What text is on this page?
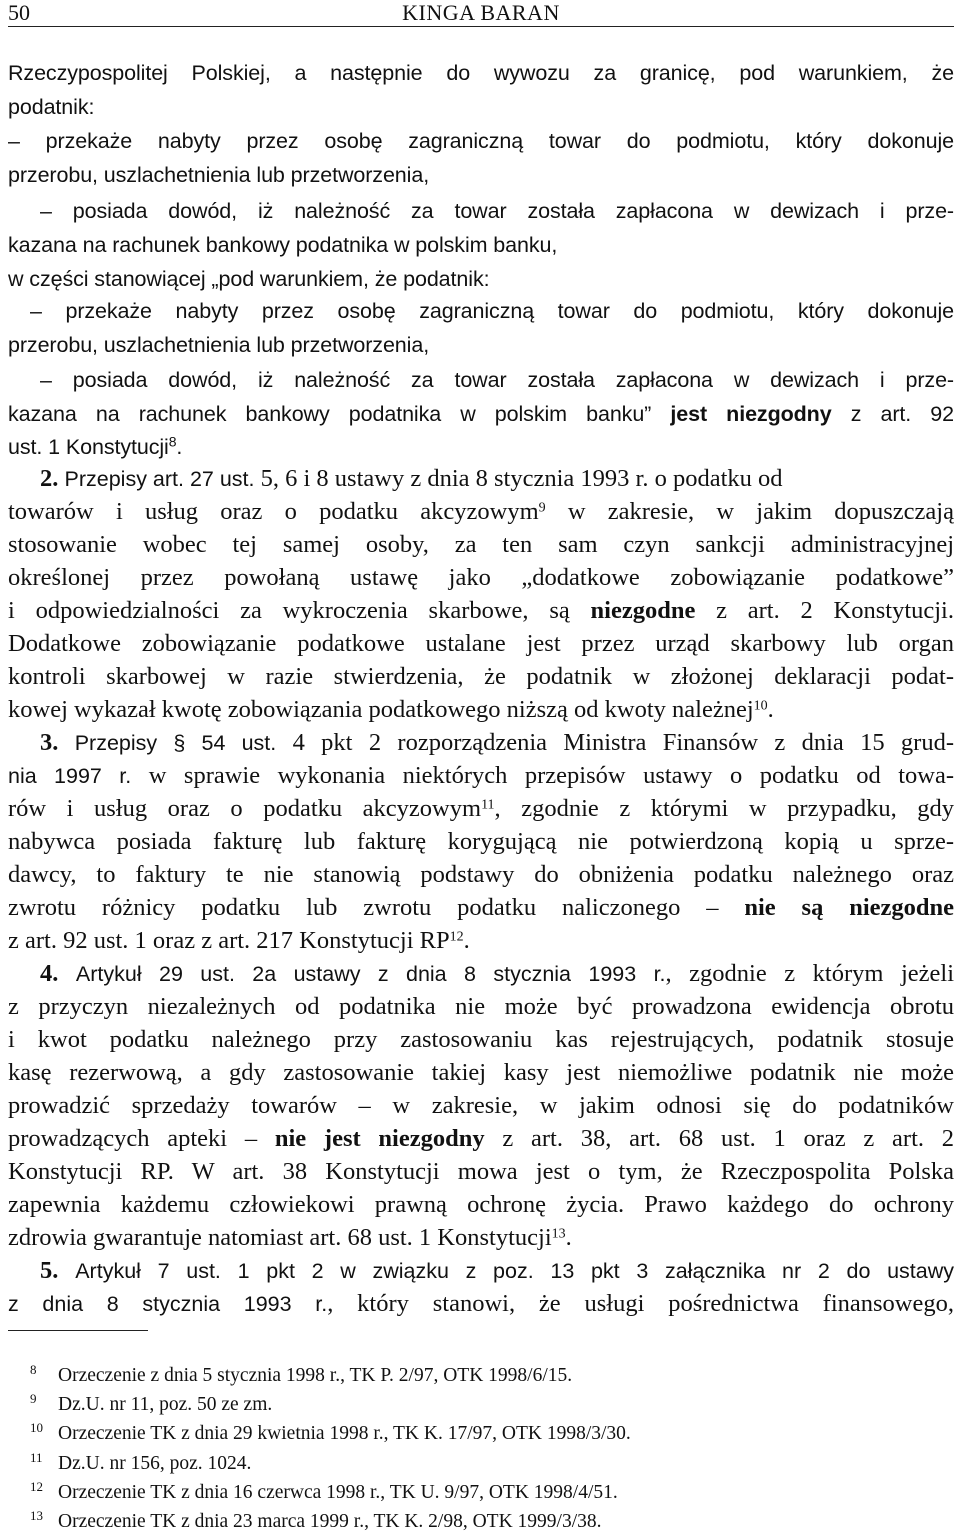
50	KINGA BARAN
Rzeczypospolitej Polskiej, a następnie do wywozu za granicę, pod warunkiem, że
podatnik:
– przekaże nabyty przez osobę zagraniczną towar do podmiotu, który dokonuje
przerobu, uszlachetnienia lub przetworzenia,
– posiada dowód, iż należność za towar została zapłacona w dewizach i prze-
kazana na rachunek bankowy podatnika w polskim banku,
w części stanowiącej „pod warunkiem, że podatnik:
– przekaże nabyty przez osobę zagraniczną towar do podmiotu, który dokonuje
przerobu, uszlachetnienia lub przetworzenia,
– posiada dowód, iż należność za towar została zapłacona w dewizach i prze-
kazana na rachunek bankowy podatnika w polskim banku” jest niezgodny z art. 92
ust. 1 Konstytucji$^8$.
2. Przepisy art. 27 ust. 5, 6 i 8 ustawy z dnia 8 stycznia 1993 r. o podatku od
towarów i usług oraz o podatku akcyzowym$^9$ w zakresie, w jakim dopuszczają
stosowanie wobec tej samej osoby, za ten sam czyn sankcji administracyjnej
określonej przez powołaną ustawę jako „dodatkowe zobowiązanie podatkowe”
i odpowiedzialności za wykroczenia skarbowe, są niezgodne z art. 2 Konstytucji.
Dodatkowe zobowiązanie podatkowe ustalane jest przez urząd skarbowy lub organ
kontroli skarbowej w razie stwierdzenia, że podatnik w złożonej deklaracji podat-
kowej wykazał kwotę zobowiązania podatkowego niższą od kwoty należnej$^{10}$.
3. Przepisy § 54 ust. 4 pkt 2 rozporządzenia Ministra Finansów z dnia 15 grud-
nia 1997 r. w sprawie wykonania niektórych przepisów ustawy o podatku od towa-
rów i usług oraz o podatku akcyzowym$^{11}$, zgodnie z którymi w przypadku, gdy
nabywca posiada fakturę lub fakturę korygującą nie potwierdzoną kopią u sprze-
dawcy, to faktury te nie stanowią podstawy do obniżenia podatku należnego oraz
zwrotu różnicy podatku lub zwrotu podatku naliczonego – nie są niezgodne
z art. 92 ust. 1 oraz z art. 217 Konstytucji RP$^{12}$.
4. Artykuł 29 ust. 2a ustawy z dnia 8 stycznia 1993 r., zgodnie z którym jeżeli
z przyczyn niezależnych od podatnika nie może być prowadzona ewidencja obrotu
i kwot podatku należnego przy zastosowaniu kas rejestrujących, podatnik stosuje
kasę rezerwową, a gdy zastosowanie takiej kasy jest niemożliwe podatnik nie może
prowadzić sprzedaży towarów – w zakresie, w jakim odnosi się do podatników
prowadzących apteki – nie jest niezgodny z art. 38, art. 68 ust. 1 oraz z art. 2
Konstytucji RP. W art. 38 Konstytucji mowa jest o tym, że Rzeczpospolita Polska
zapewnia każdemu człowiekowi prawną ochronę życia. Prawo każdego do ochrony
zdrowia gwarantuje natomiast art. 68 ust. 1 Konstytucji$^{13}$.
5. Artykuł 7 ust. 1 pkt 2 w związku z poz. 13 pkt 3 załącznika nr 2 do ustawy
z dnia 8 stycznia 1993 r., który stanowi, że usługi pośrednictwa finansowego,
8 Orzeczenie z dnia 5 stycznia 1998 r., TK P. 2/97, OTK 1998/6/15.
9 Dz.U. nr 11, poz. 50 ze zm.
10 Orzeczenie TK z dnia 29 kwietnia 1998 r., TK K. 17/97, OTK 1998/3/30.
11 Dz.U. nr 156, poz. 1024.
12 Orzeczenie TK z dnia 16 czerwca 1998 r., TK U. 9/97, OTK 1998/4/51.
13 Orzeczenie TK z dnia 23 marca 1999 r., TK K. 2/98, OTK 1999/3/38.
